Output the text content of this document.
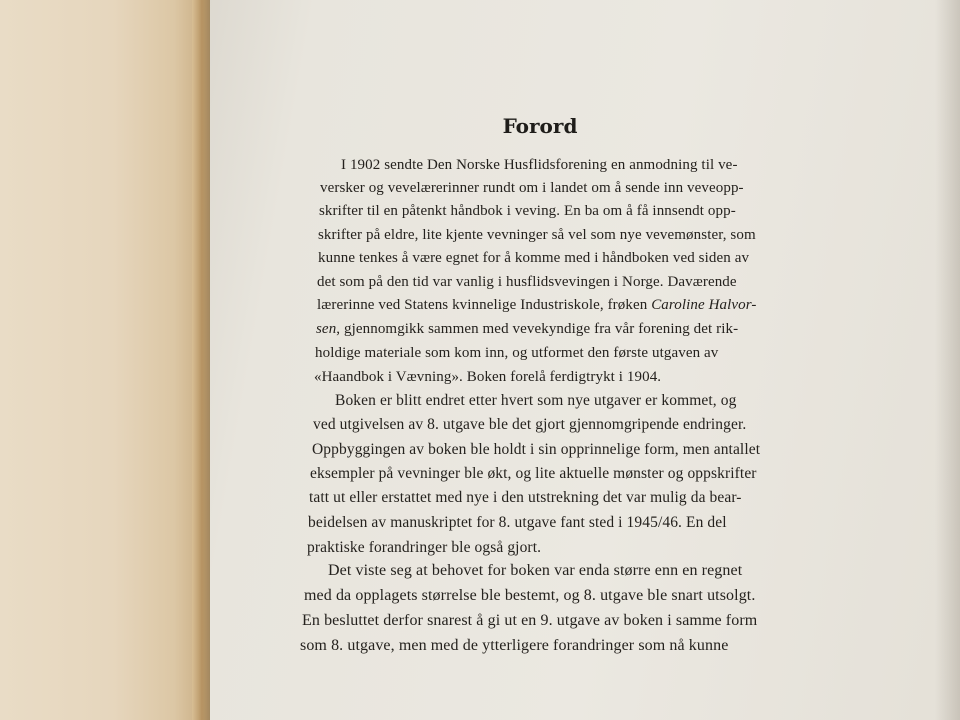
Forord
I 1902 sendte Den Norske Husflidsforening en anmodning til ve-
versker og vevelærerinner rundt om i landet om å sende inn veveopp-
skrifter til en påtenkt håndbok i veving. En ba om å få innsendt opp-
skrifter på eldre, lite kjente vevninger så vel som nye vevemønster, som
kunne tenkes å være egnet for å komme med i håndboken ved siden av
det som på den tid var vanlig i husflidsvevingen i Norge. Daværende
lærerinne ved Statens kvinnelige Industriskole, frøken Caroline Halvor-
sen, gjennomgikk sammen med vevekyndige fra vår forening det rik-
holdige materiale som kom inn, og utformet den første utgaven av
«Haandbok i Vævning». Boken forelå ferdigtrykt i 1904.
Boken er blitt endret etter hvert som nye utgaver er kommet, og
ved utgivelsen av 8. utgave ble det gjort gjennomgripende endringer.
Oppbyggingen av boken ble holdt i sin opprinnelige form, men antallet
eksempler på vevninger ble økt, og lite aktuelle mønster og oppskrifter
tatt ut eller erstattet med nye i den utstrekning det var mulig da bear-
beidelsen av manuskriptet for 8. utgave fant sted i 1945/46. En del
praktiske forandringer ble også gjort.
Det viste seg at behovet for boken var enda større enn en regnet
med da opplagets størrelse ble bestemt, og 8. utgave ble snart utsolgt.
En besluttet derfor snarest å gi ut en 9. utgave av boken i samme form
som 8. utgave, men med de ytterligere forandringer som nå kunne
